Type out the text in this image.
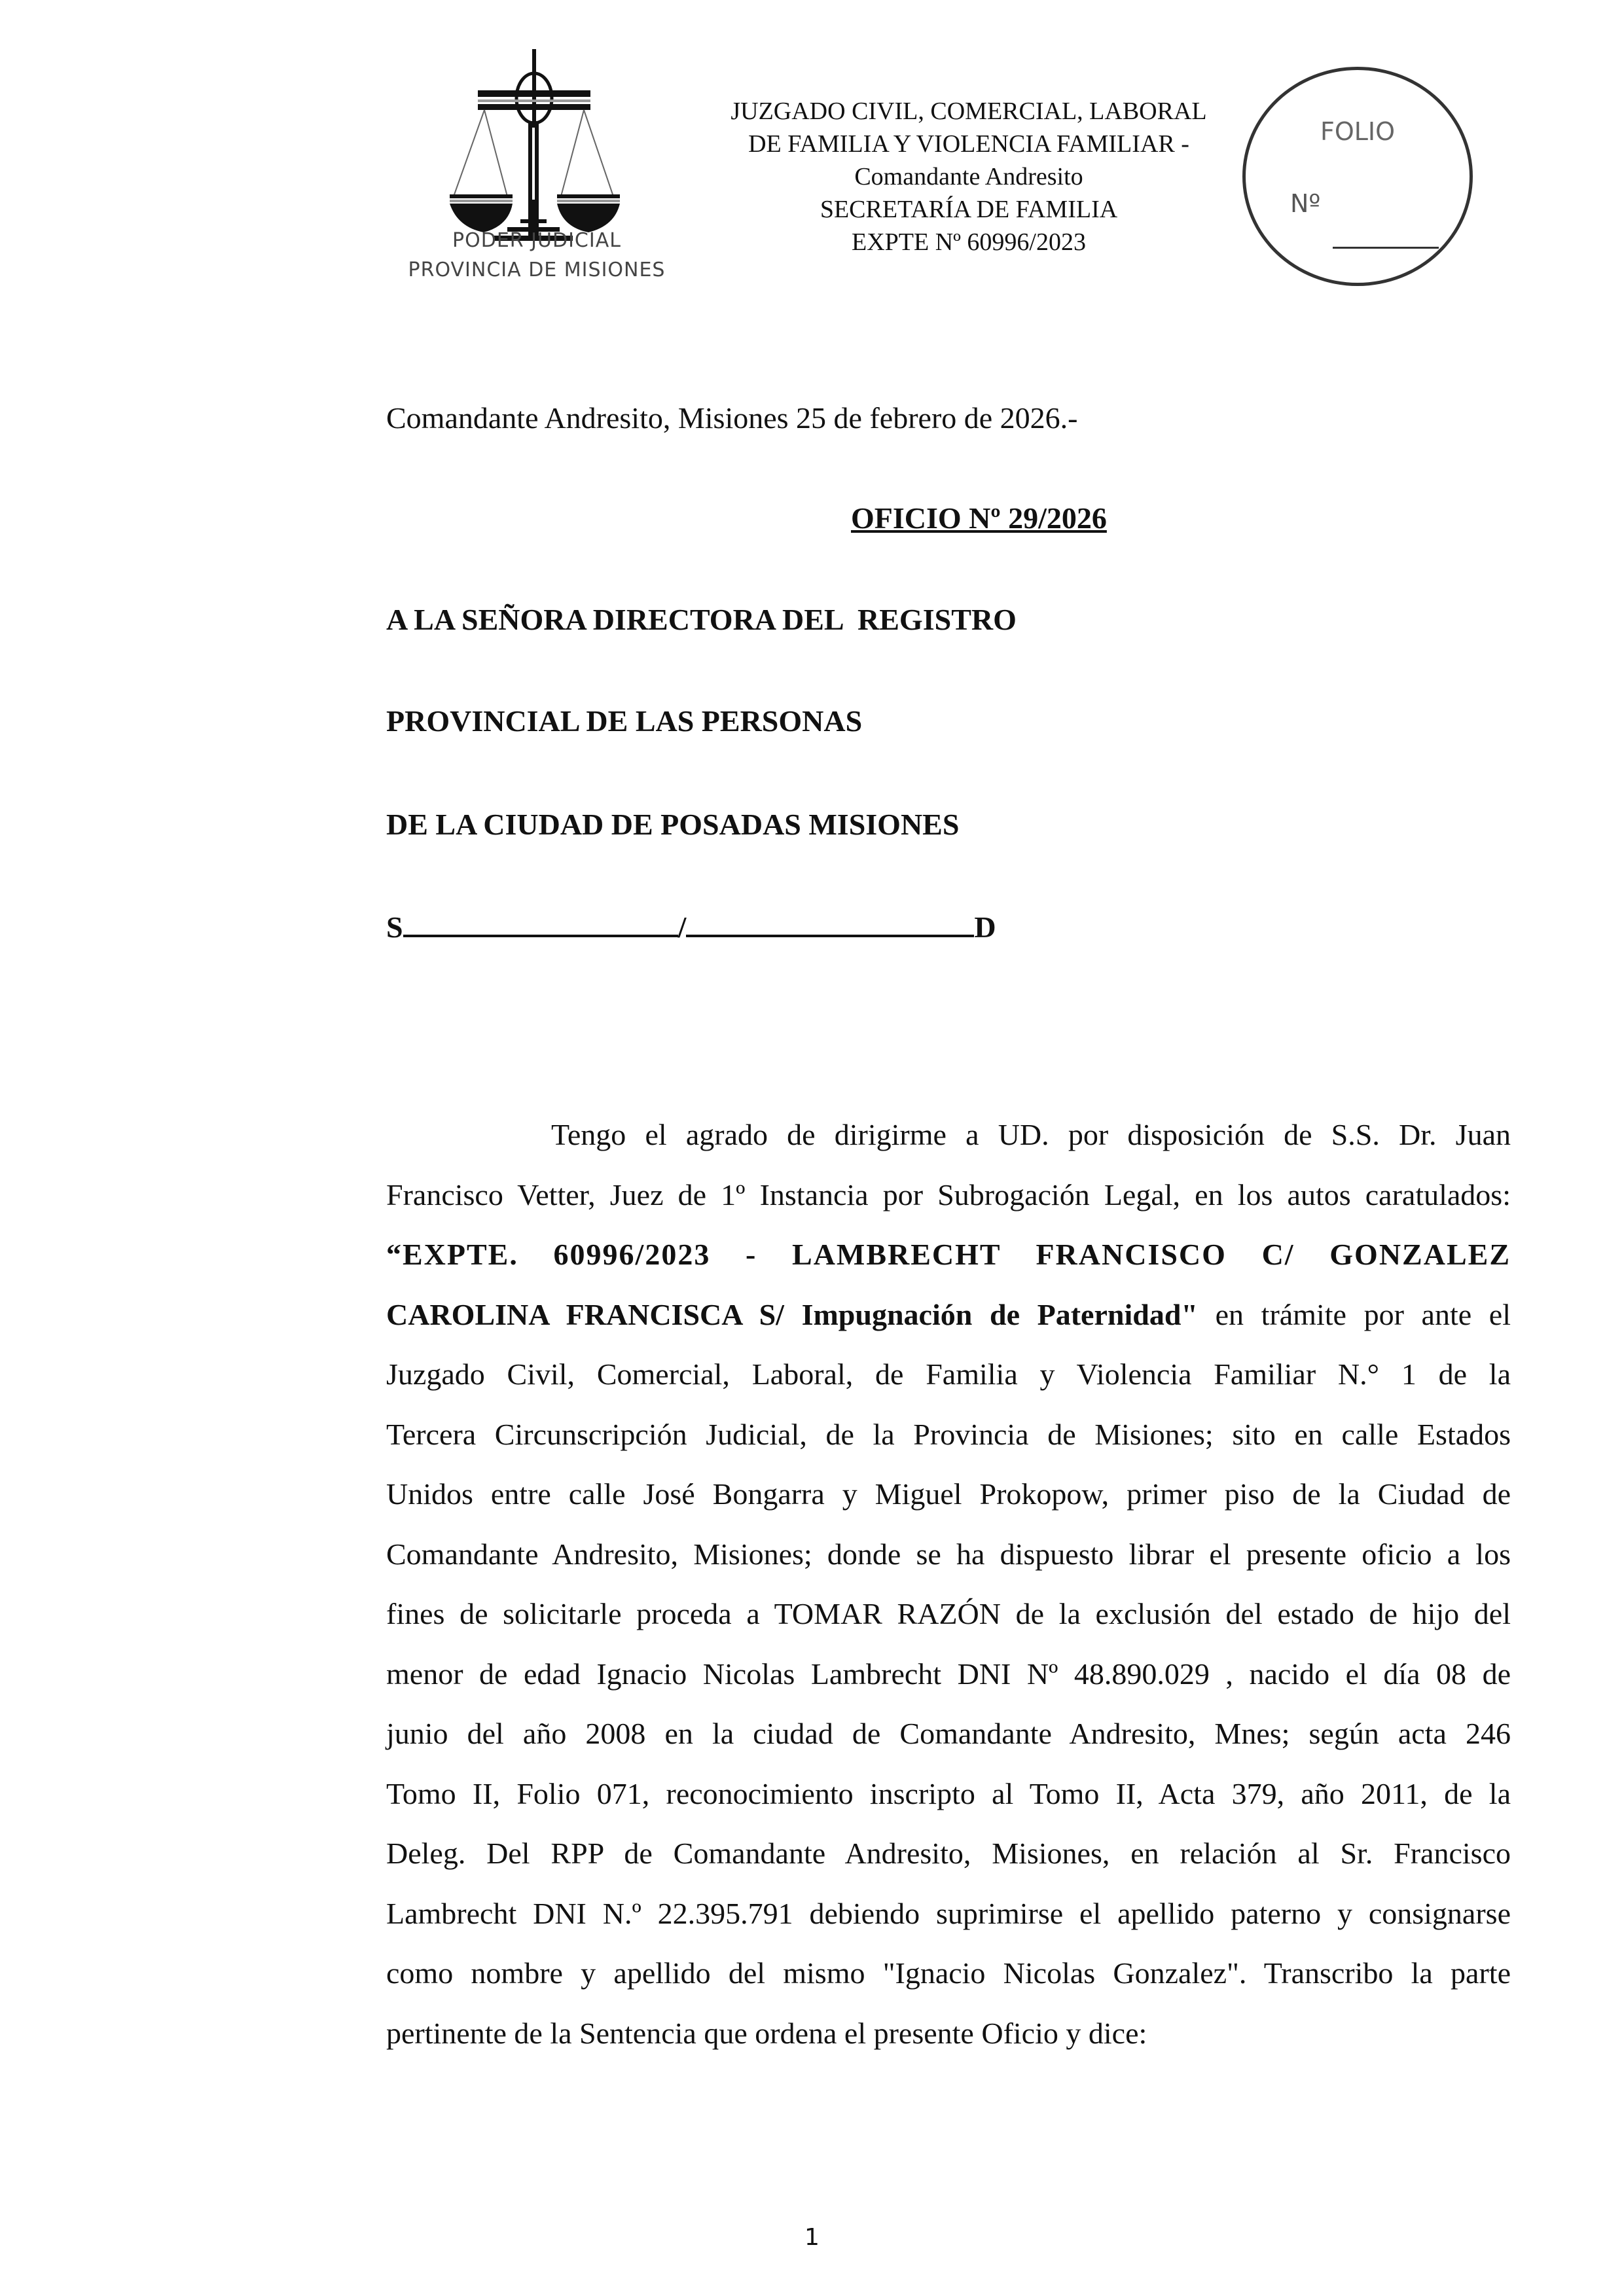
PODER JUDICIAL
PROVINCIA DE MISIONES
JUZGADO CIVIL, COMERCIAL, LABORAL
DE FAMILIA Y VIOLENCIA FAMILIAR -
Comandante Andresito
SECRETARÍA DE FAMILIA
EXPTE Nº 60996/2023
FOLIO
Nº
Comandante Andresito, Misiones 25 de febrero de 2026.-
OFICIO Nº 29/2026
A LA SEÑORA DIRECTORA DEL  REGISTRO
PROVINCIAL DE LAS PERSONAS
DE LA CIUDAD DE POSADAS MISIONES
S	/	D
Tengo el agrado de dirigirme a UD. por disposición de S.S. Dr. Juan
Francisco Vetter, Juez de 1º Instancia por Subrogación Legal, en los autos caratulados:
“EXPTE. 60996/2023 - LAMBRECHT FRANCISCO C/ GONZALEZ
CAROLINA FRANCISCA S/ Impugnación de Paternidad" en trámite por ante el
Juzgado Civil, Comercial, Laboral, de Familia y Violencia Familiar N.° 1 de la
Tercera Circunscripción Judicial, de la Provincia de Misiones; sito en calle Estados
Unidos entre calle José Bongarra y Miguel Prokopow, primer piso de la Ciudad de
Comandante Andresito, Misiones; donde se ha dispuesto librar el presente oficio a los
fines de solicitarle proceda a TOMAR RAZÓN de la exclusión del estado de hijo del
menor de edad Ignacio Nicolas Lambrecht DNI Nº 48.890.029 , nacido el día 08 de
junio del año 2008 en la ciudad de Comandante Andresito, Mnes; según acta 246
Tomo II, Folio 071, reconocimiento inscripto al Tomo II, Acta 379, año 2011, de la
Deleg. Del RPP de Comandante Andresito, Misiones, en relación al Sr. Francisco
Lambrecht DNI N.º 22.395.791 debiendo suprimirse el apellido paterno y consignarse
como nombre y apellido del mismo "Ignacio Nicolas Gonzalez". Transcribo la parte
pertinente de la Sentencia que ordena el presente Oficio y dice:
1
